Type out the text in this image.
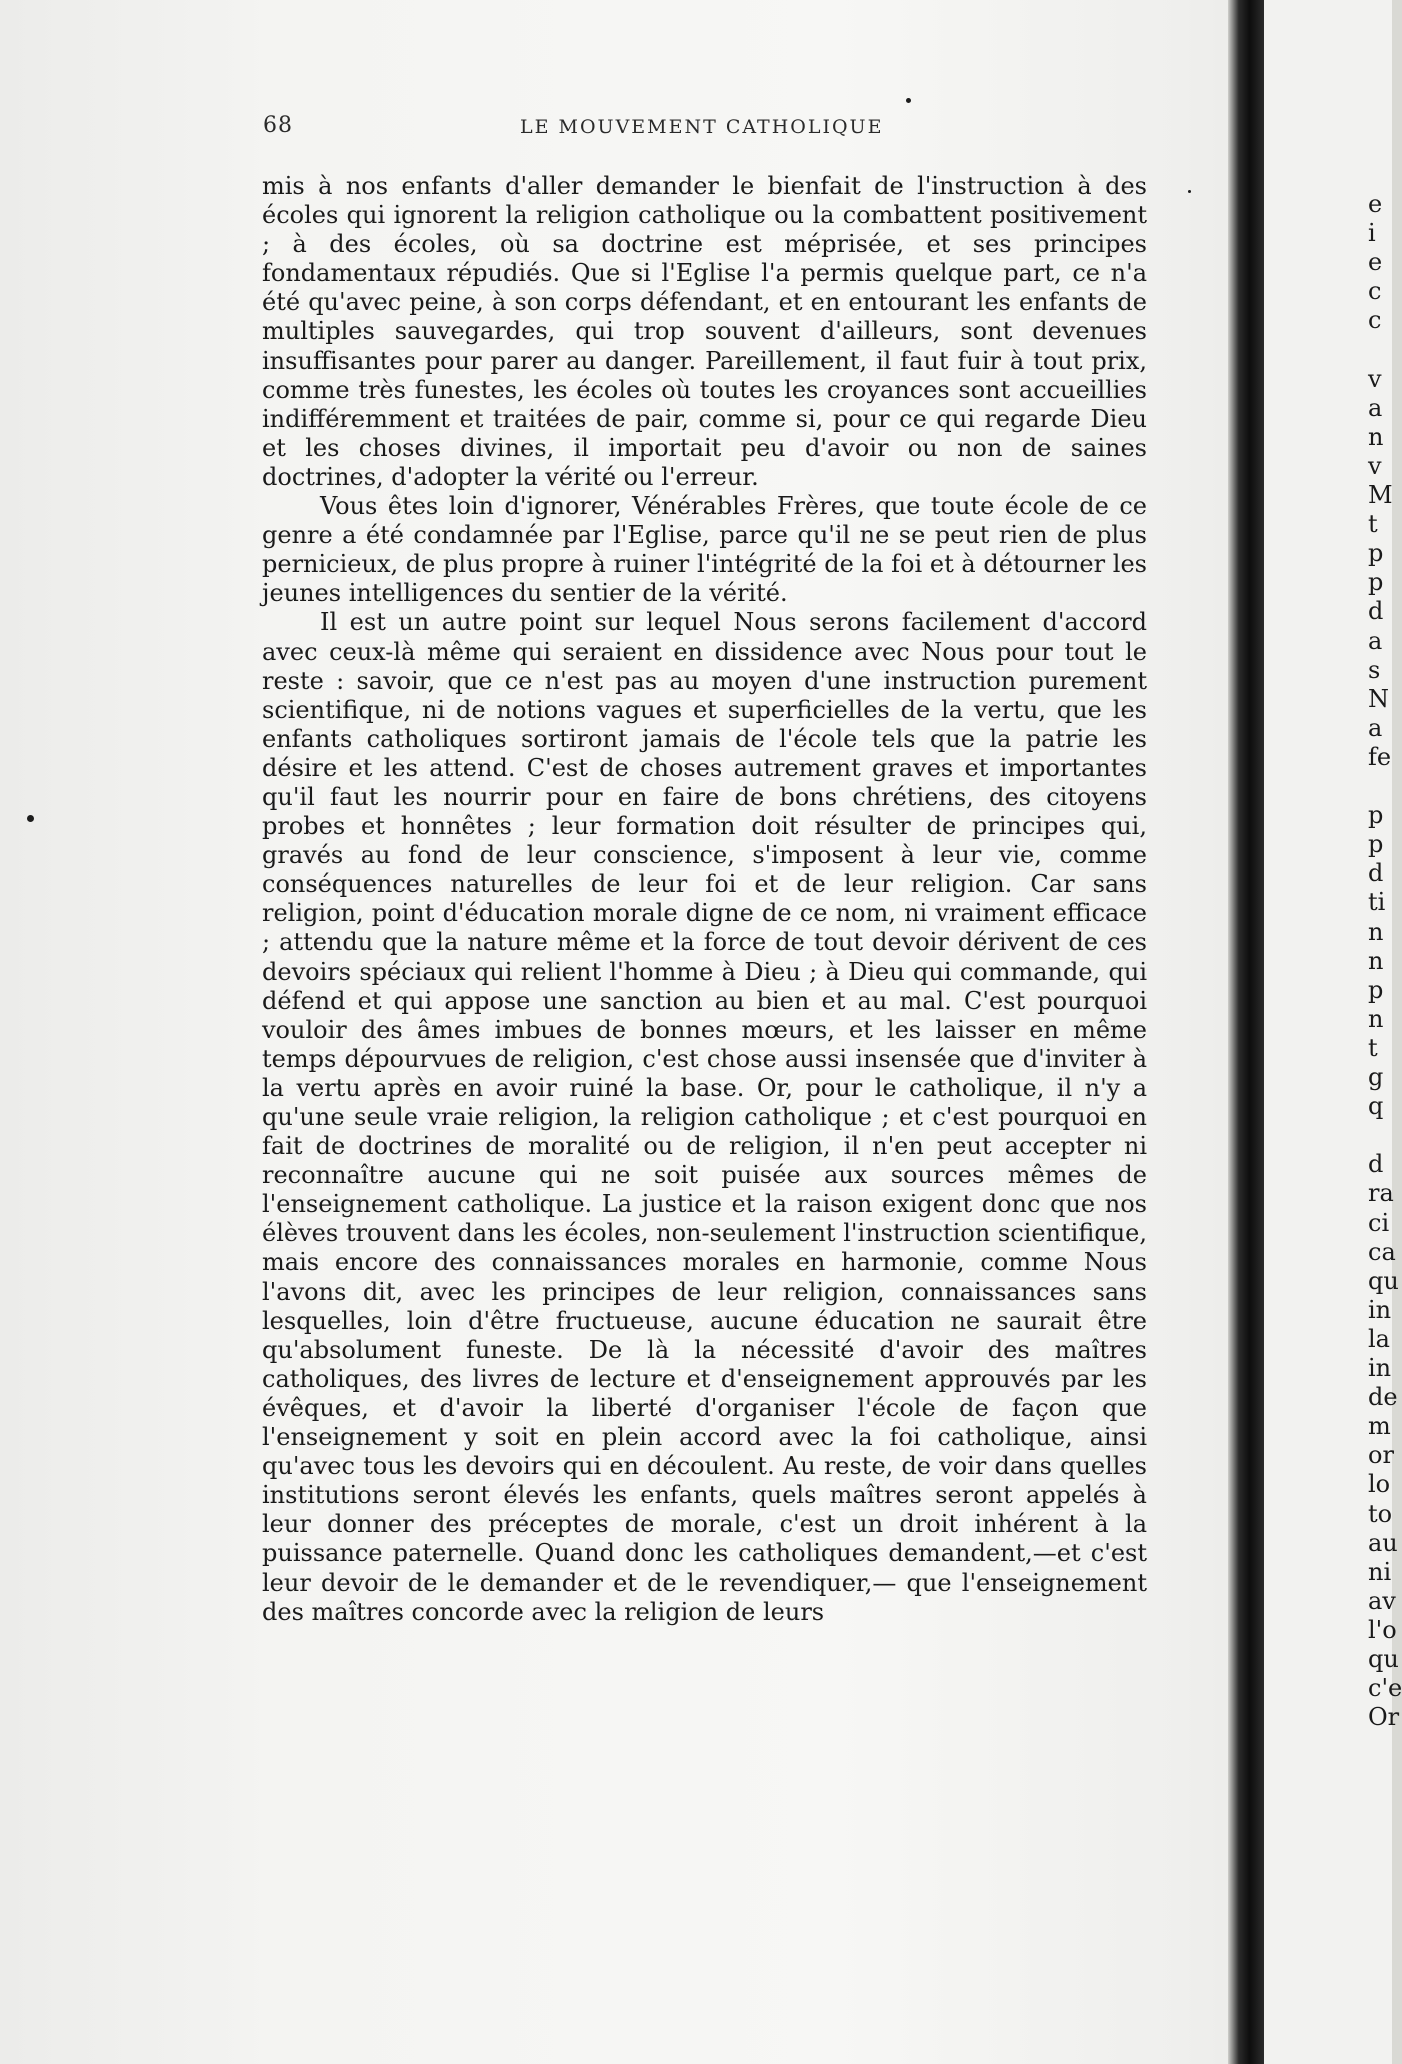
68	LE MOUVEMENT CATHOLIQUE

mis à nos enfants d'aller demander le bienfait de l'instruction à des écoles qui ignorent la religion catholique ou la combattent positivement ; à des écoles, où sa doctrine est méprisée, et ses principes fondamentaux répudiés. Que si l'Eglise l'a permis quelque part, ce n'a été qu'avec peine, à son corps défendant, et en entourant les enfants de multiples sauvegardes, qui trop souvent d'ailleurs, sont devenues insuffisantes pour parer au danger. Pareillement, il faut fuir à tout prix, comme très funestes, les écoles où toutes les croyances sont accueillies indifféremment et traitées de pair, comme si, pour ce qui regarde Dieu et les choses divines, il importait peu d'avoir ou non de saines doctrines, d'adopter la vérité ou l'erreur.

Vous êtes loin d'ignorer, Vénérables Frères, que toute école de ce genre a été condamnée par l'Eglise, parce qu'il ne se peut rien de plus pernicieux, de plus propre à ruiner l'intégrité de la foi et à détourner les jeunes intelligences du sentier de la vérité.

Il est un autre point sur lequel Nous serons facilement d'accord avec ceux-là même qui seraient en dissidence avec Nous pour tout le reste : savoir, que ce n'est pas au moyen d'une instruction purement scientifique, ni de notions vagues et superficielles de la vertu, que les enfants catholiques sortiront jamais de l'école tels que la patrie les désire et les attend. C'est de choses autrement graves et importantes qu'il faut les nourrir pour en faire de bons chrétiens, des citoyens probes et honnêtes ; leur formation doit résulter de principes qui, gravés au fond de leur conscience, s'imposent à leur vie, comme conséquences naturelles de leur foi et de leur religion. Car sans religion, point d'éducation morale digne de ce nom, ni vraiment efficace ; attendu que la nature même et la force de tout devoir dérivent de ces devoirs spéciaux qui relient l'homme à Dieu ; à Dieu qui commande, qui défend et qui appose une sanction au bien et au mal. C'est pourquoi vouloir des âmes imbues de bonnes mœurs, et les laisser en même temps dépourvues de religion, c'est chose aussi insensée que d'inviter à la vertu après en avoir ruiné la base. Or, pour le catholique, il n'y a qu'une seule vraie religion, la religion catholique ; et c'est pourquoi en fait de doctrines de moralité ou de religion, il n'en peut accepter ni reconnaître aucune qui ne soit puisée aux sources mêmes de l'enseignement catholique. La justice et la raison exigent donc que nos élèves trouvent dans les écoles, non-seulement l'instruction scientifique, mais encore des connaissances morales en harmonie, comme Nous l'avons dit, avec les principes de leur religion, connaissances sans lesquelles, loin d'être fructueuse, aucune éducation ne saurait être qu'absolument funeste. De là la nécessité d'avoir des maîtres catholiques, des livres de lecture et d'enseignement approuvés par les évêques, et d'avoir la liberté d'organiser l'école de façon que l'enseignement y soit en plein accord avec la foi catholique, ainsi qu'avec tous les devoirs qui en découlent. Au reste, de voir dans quelles institutions seront élevés les enfants, quels maîtres seront appelés à leur donner des préceptes de morale, c'est un droit inhérent à la puissance paternelle. Quand donc les catholiques demandent,—et c'est leur devoir de le demander et de le revendiquer,— que l'enseignement des maîtres concorde avec la religion de leurs

e
i
e
c
c
v
a
n
v
M
t
p
p
d
a
s
N
a
fe
p
p
d
ti
n
n
p
n
t
g
q
d
ra
ci
ca
qu
in
la
in
de
m
or
lo
to
au
ni
av
l'o
qu
c'e
Or
